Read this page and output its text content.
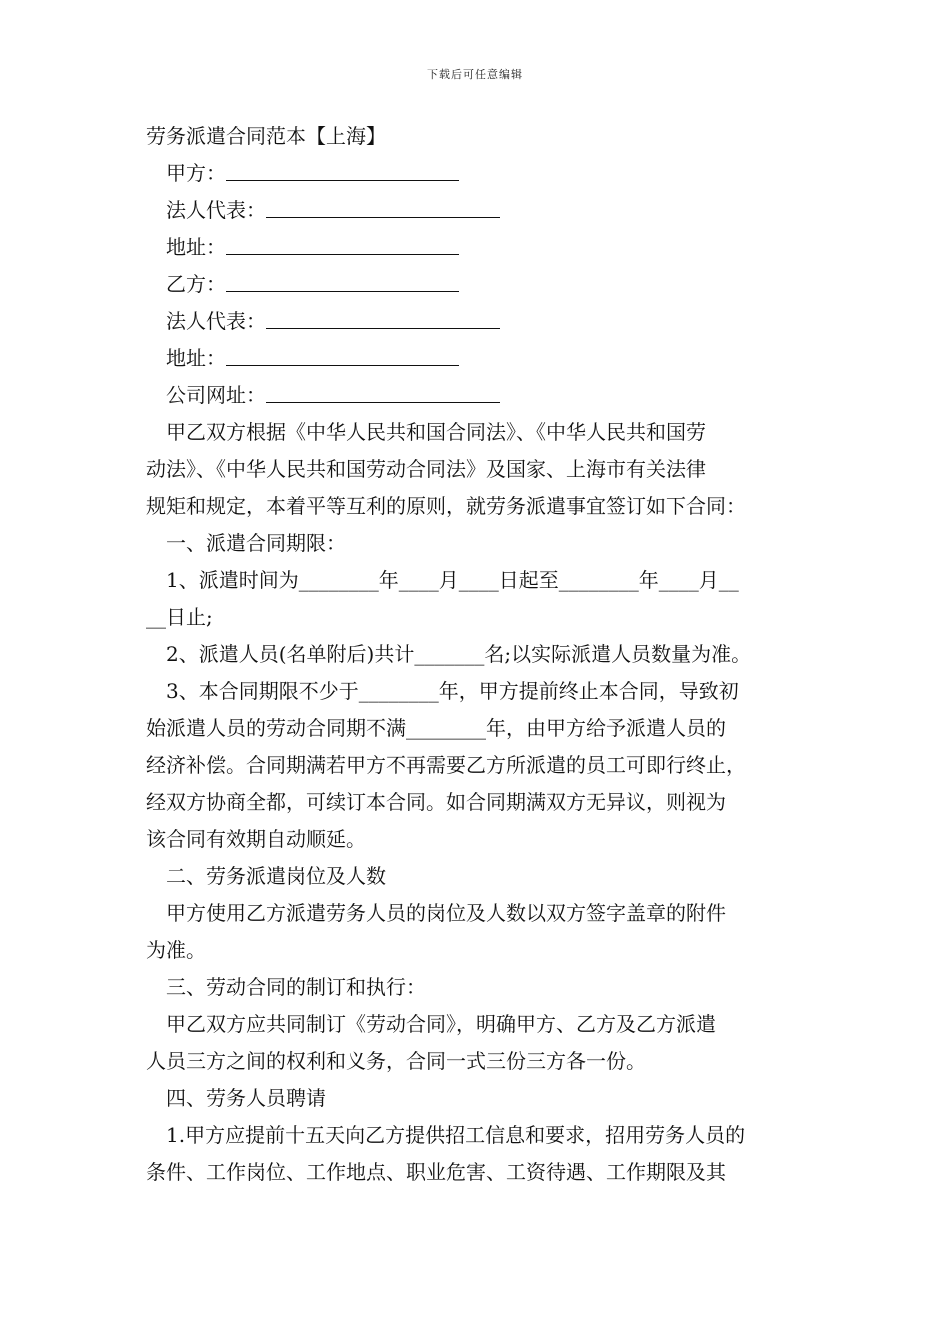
下载后可任意编辑
劳务派遣合同范本【上海】
甲方：
法人代表：
地址：
乙方：
法人代表：
地址：
公司网址：
甲乙双方根据《中华人民共和国合同法》、《中华人民共和国劳
动法》、《中华人民共和国劳动合同法》及国家、上海市有关法律
规矩和规定，本着平等互利的原则，就劳务派遣事宜签订如下合同：
一、派遣合同期限：
1、派遣时间为________年____月____日起至________年____月__
__日止;
2、派遣人员(名单附后)共计_______名;以实际派遣人员数量为准。
3、本合同期限不少于________年，甲方提前终止本合同，导致初
始派遣人员的劳动合同期不满________年，由甲方给予派遣人员的
经济补偿。合同期满若甲方不再需要乙方所派遣的员工可即行终止，
经双方协商全都，可续订本合同。如合同期满双方无异议，则视为
该合同有效期自动顺延。
二、劳务派遣岗位及人数
甲方使用乙方派遣劳务人员的岗位及人数以双方签字盖章的附件
为准。
三、劳动合同的制订和执行：
甲乙双方应共同制订《劳动合同》，明确甲方、乙方及乙方派遣
人员三方之间的权利和义务，合同一式三份三方各一份。
四、劳务人员聘请
1.甲方应提前十五天向乙方提供招工信息和要求，招用劳务人员的
条件、工作岗位、工作地点、职业危害、工资待遇、工作期限及其
